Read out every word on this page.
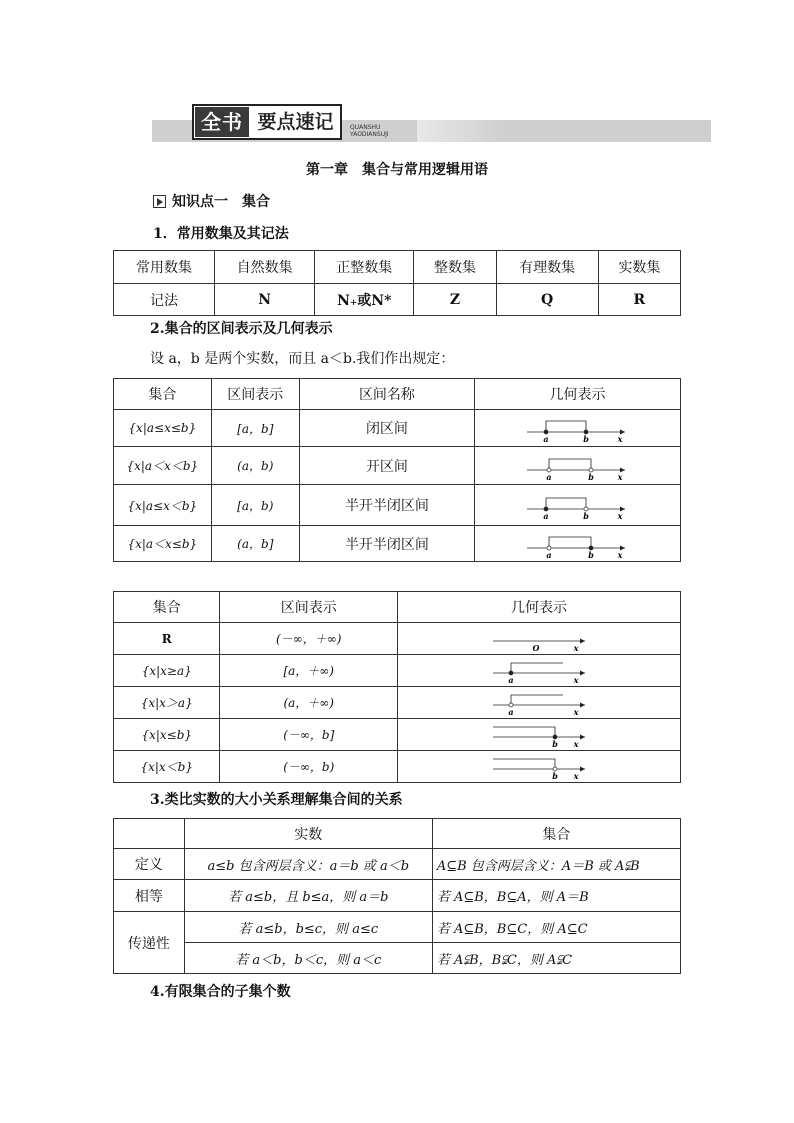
全书 要点速记	QUANSHU
YAODIANSUJI
第一章　集合与常用逻辑用语
知识点一　集合
1．常用数集及其记法
常用数集	自然数集	正整数集	整数集	有理数集	实数集
记法	N	N₊或N*	Z	Q	R
2.集合的区间表示及几何表示
设 a，b 是两个实数，而且 a＜b.我们作出规定：
集合	区间表示	区间名称	几何表示
{x|a≤x≤b}	[a，b]	闭区间	a b x

{x|a＜x＜b}	(a，b)	开区间	a b x

{x|a≤x＜b}	[a，b)	半开半闭区间	a b x

{x|a＜x≤b}	(a，b]	半开半闭区间	a b x
集合	区间表示	几何表示
R	(－∞，＋∞)	O x

{x|x≥a}	[a，＋∞)	a x

{x|x＞a}	(a，＋∞)	a x

{x|x≤b}	(－∞，b]	b x

{x|x＜b}	(－∞，b)	b x
3.类比实数的大小关系理解集合间的关系
	实数	集合
定义	a≤b 包含两层含义：a＝b 或 a＜b	A⊆B 包含两层含义：A＝B 或 A⫋B
相等	若 a≤b，且 b≤a，则 a＝b	若 A⊆B，B⊆A，则 A＝B
传递性	若 a≤b，b≤c，则 a≤c	若 A⊆B，B⊆C，则 A⊆C
	若 a＜b，b＜c，则 a＜c	若 A⫋B，B⫋C，则 A⫋C
4.有限集合的子集个数
